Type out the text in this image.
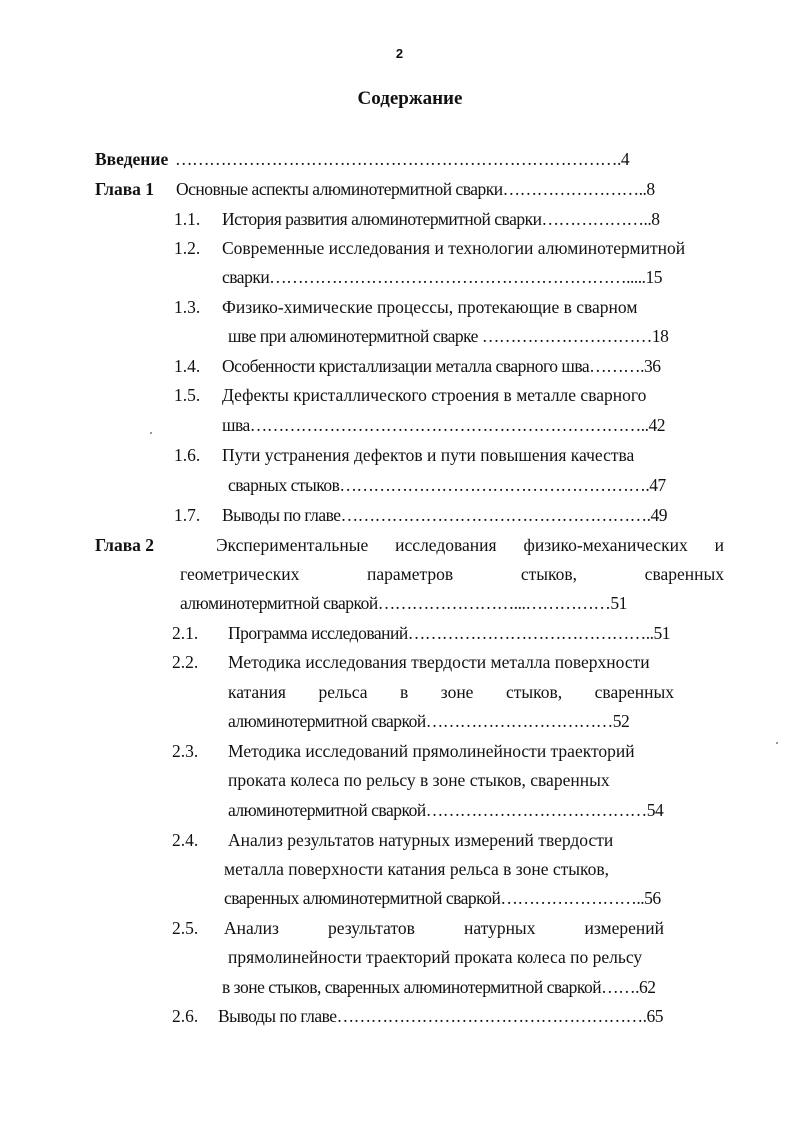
2
Содержание
Введение …………………………………………………………………….4
Глава 1 Основные аспекты алюминотермитной сварки……………………..8
1.1. История развития алюминотермитной сварки………………..8
1.2. Современные исследования и технологии алюминотермитной
сварки……………………………………………………….....15
1.3. Физико-химические процессы, протекающие в сварном
шве при алюминотермитной сварке …………………………18
1.4. Особенности кристаллизации металла сварного шва……….36
1.5. Дефекты кристаллического строения в металле сварного
шва……………………………………………………………..42
1.6. Пути устранения дефектов и пути повышения качества
сварных стыков……………………………………………….47
1.7. Выводы по главе……………………………………………….49
Глава 2	Экспериментальные исследования физико-механических и
геометрических параметров стыков, сваренных
алюминотермитной сваркой……………………...……………51
2.1. Программа исследований……………………………………..51
2.2. Методика исследования твердости металла поверхности
катания рельса в зоне стыков, сваренных
алюминотермитной сваркой……………………………52
2.3. Методика исследований прямолинейности траекторий
проката колеса по рельсу в зоне стыков, сваренных
алюминотермитной сваркой…………………………………54
2.4. Анализ результатов натурных измерений твердости
металла поверхности катания рельса в зоне стыков,
сваренных алюминотермитной сваркой……………………..56
2.5. Анализ результатов натурных измерений
прямолинейности траекторий проката колеса по рельсу
в зоне стыков, сваренных алюминотермитной сваркой…….62
2.6. Выводы по главе……………………………………………….65
